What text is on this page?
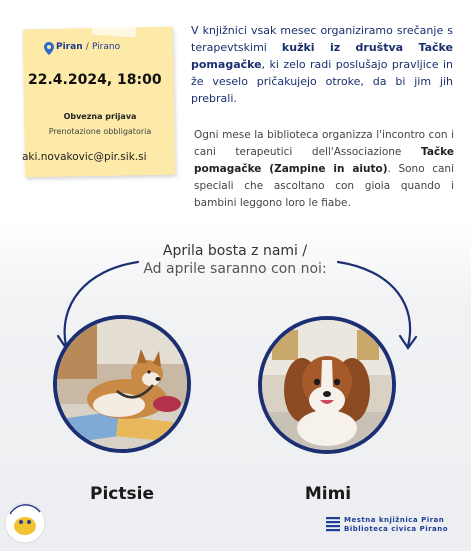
Piran / Pirano
22.4.2024, 18:00
Obvezna prijava
Prenotazione obbligatoria
aki.novakovic@pir.sik.si
V knjižnici vsak mesec organiziramo srečanje s terapevtskimi kužki iz društva Tačke pomagačke, ki zelo radi poslušajo pravljice in že veselo pričakujejo otroke, da bi jim jih prebrali.
Ogni mese la biblioteca organizza l'incontro con i cani terapeutici dell'Associazione Tačke pomagačke (Zampine in aiuto). Sono cani speciali che ascoltano con gioia quando i bambini leggono loro le fiabe.
Aprila bosta z nami /
Ad aprile saranno con noi:
Pictsie	Mimi
Mestna knjižnica Piran
Biblioteca civica Pirano
